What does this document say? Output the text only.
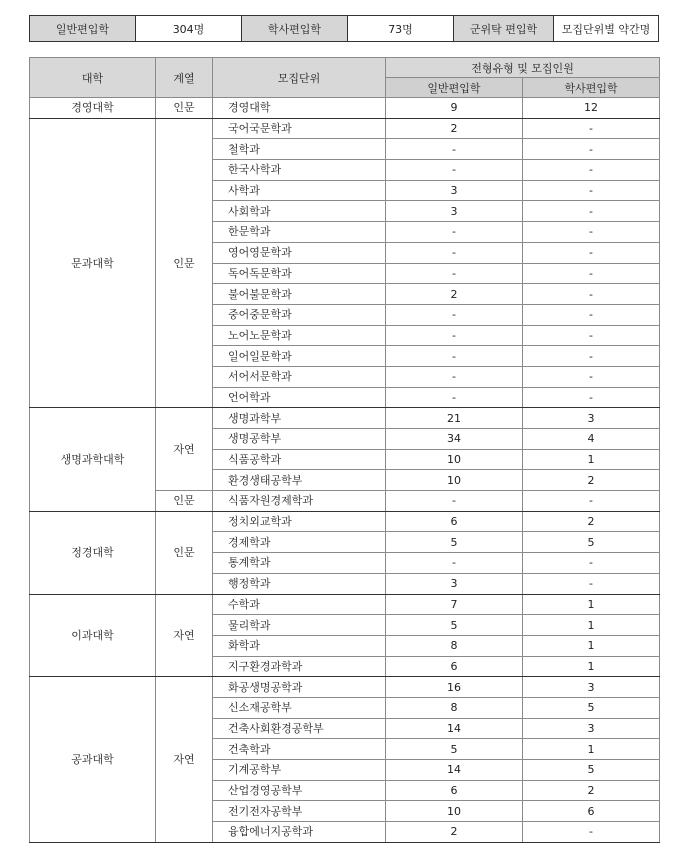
일반편입학	304명	학사편입학	73명	군위탁 편입학	모집단위별 약간명
대학	계열	모집단위	전형유형 및 모집인원	
			일반편입학	학사편입학
경영대학	인문	경영대학	9	12
문과대학	인문	국어국문학과	2	-
		철학과	-	-
		한국사학과	-	-
		사학과	3	-
		사회학과	3	-
		한문학과	-	-
		영어영문학과	-	-
		독어독문학과	-	-
		불어불문학과	2	-
		중어중문학과	-	-
		노어노문학과	-	-
		일어일문학과	-	-
		서어서문학과	-	-
		언어학과	-	-
생명과학대학	자연	생명과학부	21	3
		생명공학부	34	4
		식품공학과	10	1
		환경생태공학부	10	2
	인문	식품자원경제학과	-	-
정경대학	인문	정치외교학과	6	2
		경제학과	5	5
		통계학과	-	-
		행정학과	3	-
이과대학	자연	수학과	7	1
		물리학과	5	1
		화학과	8	1
		지구환경과학과	6	1
공과대학	자연	화공생명공학과	16	3
		신소재공학부	8	5
		건축사회환경공학부	14	3
		건축학과	5	1
		기계공학부	14	5
		산업경영공학부	6	2
		전기전자공학부	10	6
		융합에너지공학과	2	-
